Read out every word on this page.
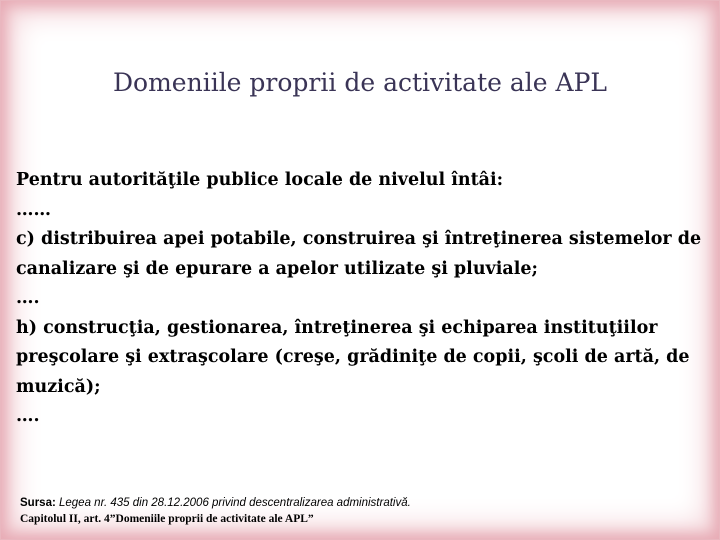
Domeniile proprii de activitate ale APL
Pentru autorităţile publice locale de nivelul întâi:
……
c) distribuirea apei potabile, construirea şi întreţinerea sistemelor de
canalizare şi de epurare a apelor utilizate şi pluviale;
….
h) construcţia, gestionarea, întreţinerea şi echiparea instituţiilor
preşcolare şi extraşcolare (creşe, grădiniţe de copii, şcoli de artă, de
muzică);
….
Sursa: Legea nr. 435 din 28.12.2006 privind descentralizarea administrativă.
Capitolul II, art. 4”Domeniile proprii de activitate ale APL”
